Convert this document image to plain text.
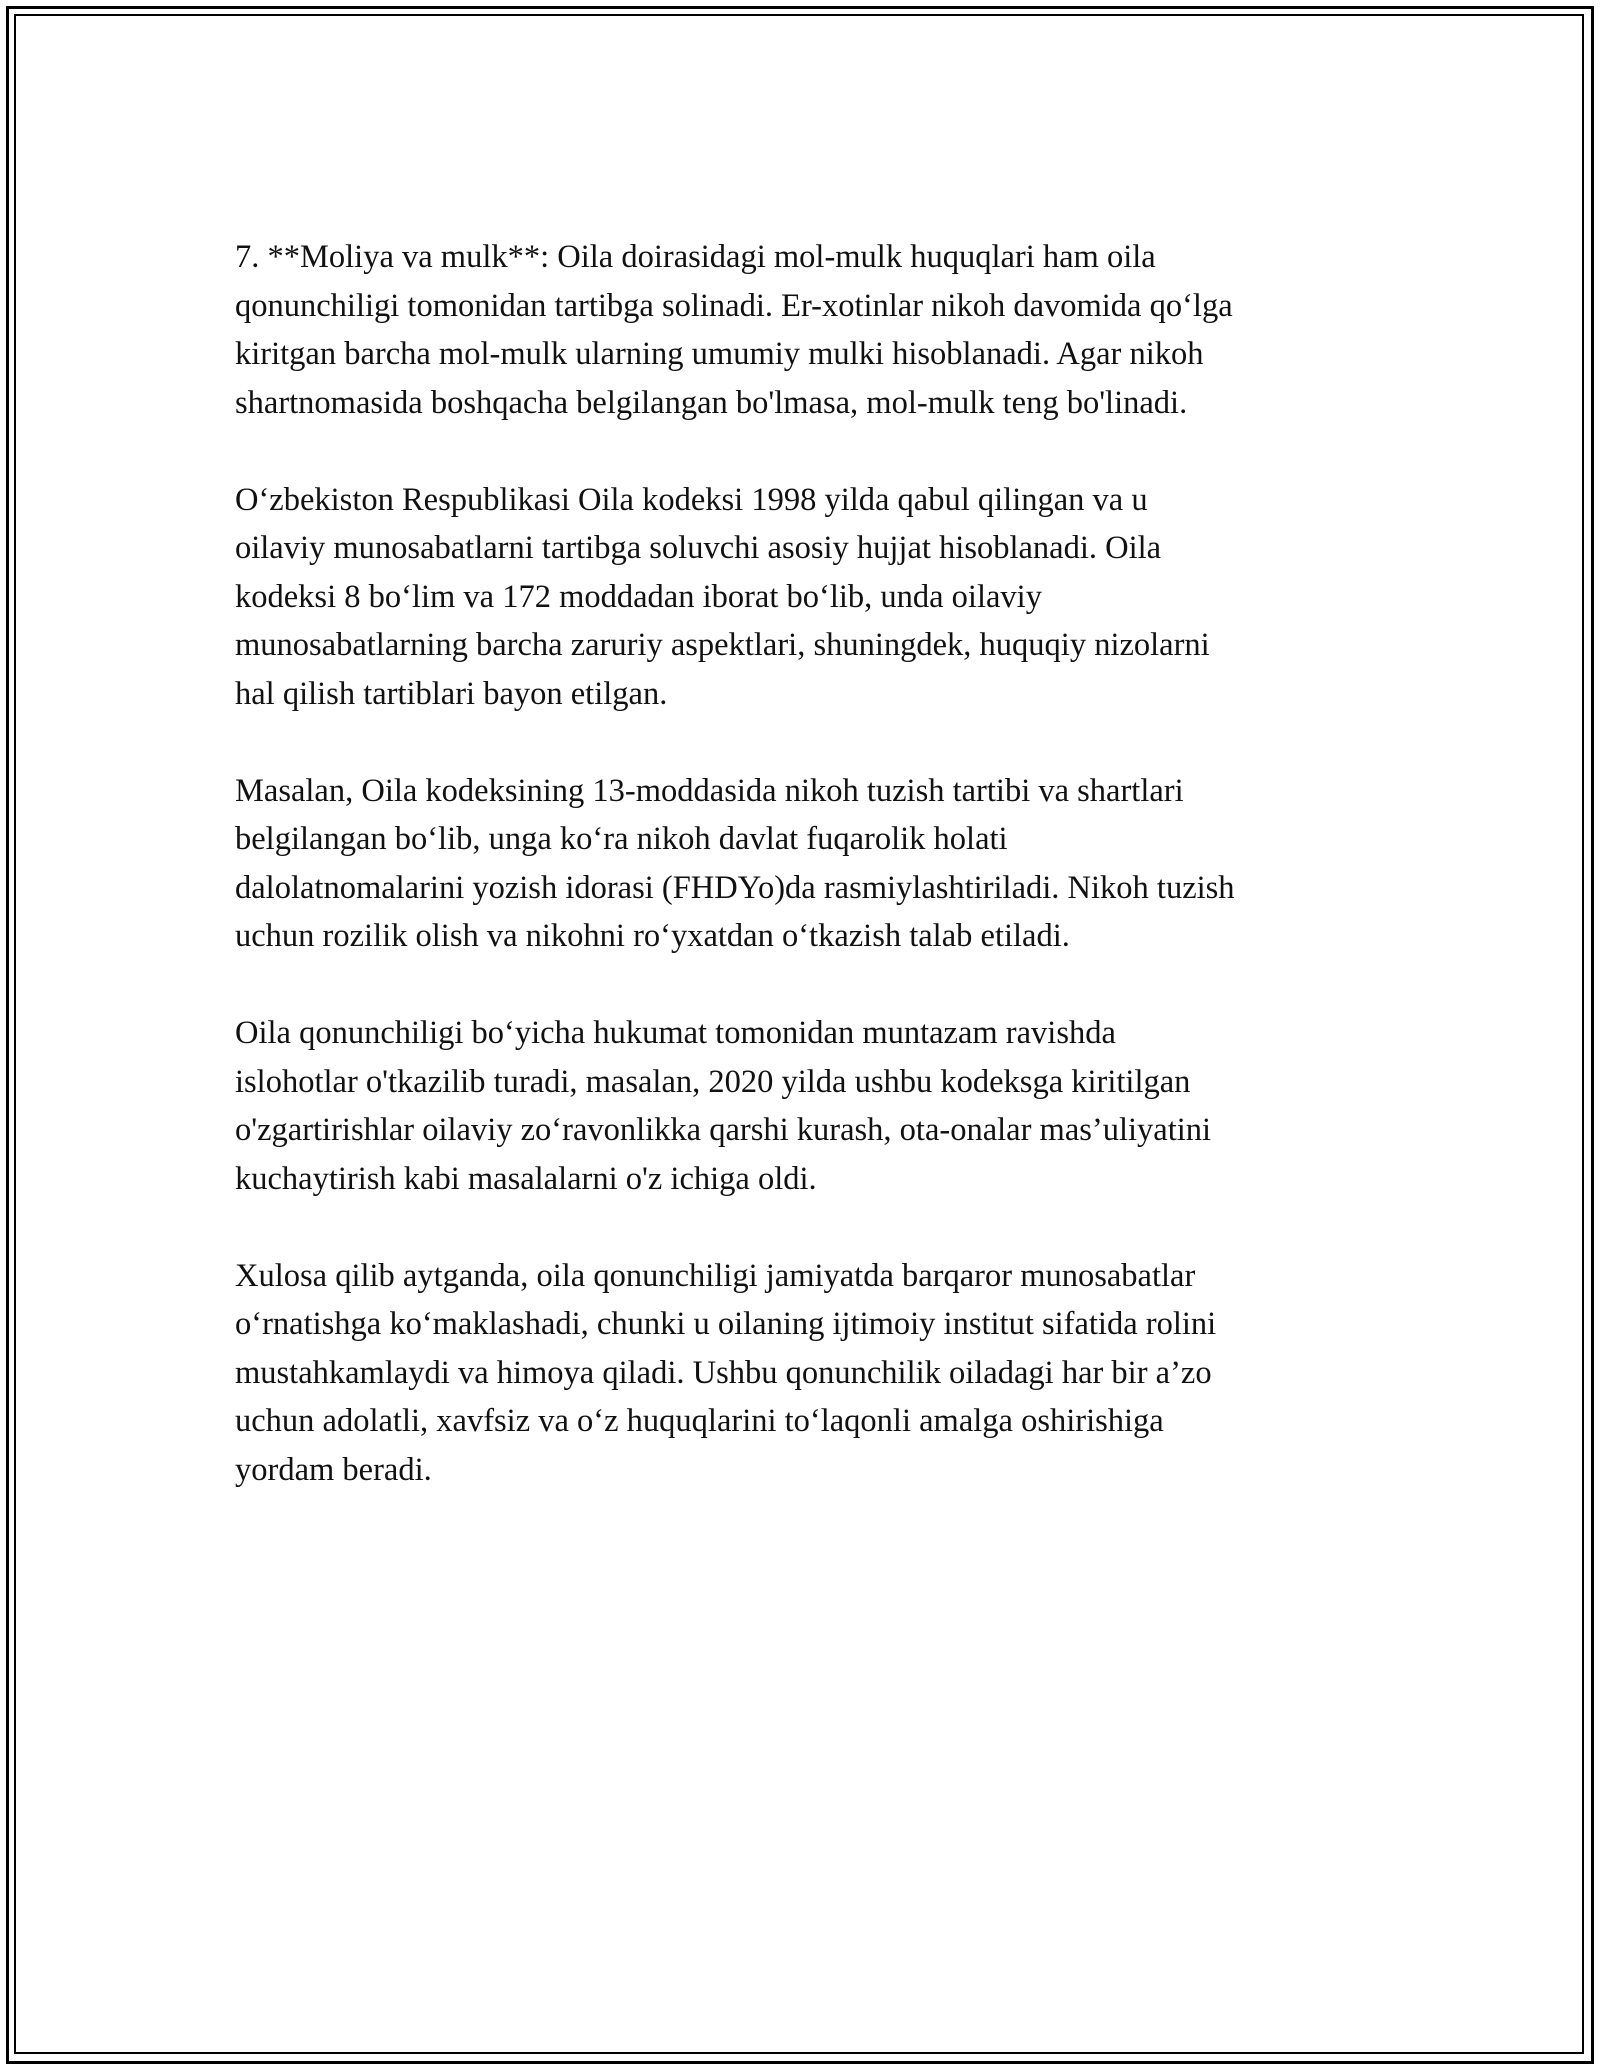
7. **Moliya va mulk**: Oila doirasidagi mol-mulk huquqlari ham oila
qonunchiligi tomonidan tartibga solinadi. Er-xotinlar nikoh davomida qo‘lga
kiritgan barcha mol-mulk ularning umumiy mulki hisoblanadi. Agar nikoh
shartnomasida boshqacha belgilangan bo'lmasa, mol-mulk teng bo'linadi.

O‘zbekiston Respublikasi Oila kodeksi 1998 yilda qabul qilingan va u
oilaviy munosabatlarni tartibga soluvchi asosiy hujjat hisoblanadi. Oila
kodeksi 8 bo‘lim va 172 moddadan iborat bo‘lib, unda oilaviy
munosabatlarning barcha zaruriy aspektlari, shuningdek, huquqiy nizolarni
hal qilish tartiblari bayon etilgan.

Masalan, Oila kodeksining 13-moddasida nikoh tuzish tartibi va shartlari
belgilangan bo‘lib, unga ko‘ra nikoh davlat fuqarolik holati
dalolatnomalarini yozish idorasi (FHDYo)da rasmiylashtiriladi. Nikoh tuzish
uchun rozilik olish va nikohni ro‘yxatdan o‘tkazish talab etiladi.

Oila qonunchiligi bo‘yicha hukumat tomonidan muntazam ravishda
islohotlar o'tkazilib turadi, masalan, 2020 yilda ushbu kodeksga kiritilgan
o'zgartirishlar oilaviy zo‘ravonlikka qarshi kurash, ota-onalar mas’uliyatini
kuchaytirish kabi masalalarni o'z ichiga oldi.

Xulosa qilib aytganda, oila qonunchiligi jamiyatda barqaror munosabatlar
o‘rnatishga ko‘maklashadi, chunki u oilaning ijtimoiy institut sifatida rolini
mustahkamlaydi va himoya qiladi. Ushbu qonunchilik oiladagi har bir a’zo
uchun adolatli, xavfsiz va o‘z huquqlarini to‘laqonli amalga oshirishiga
yordam beradi.
